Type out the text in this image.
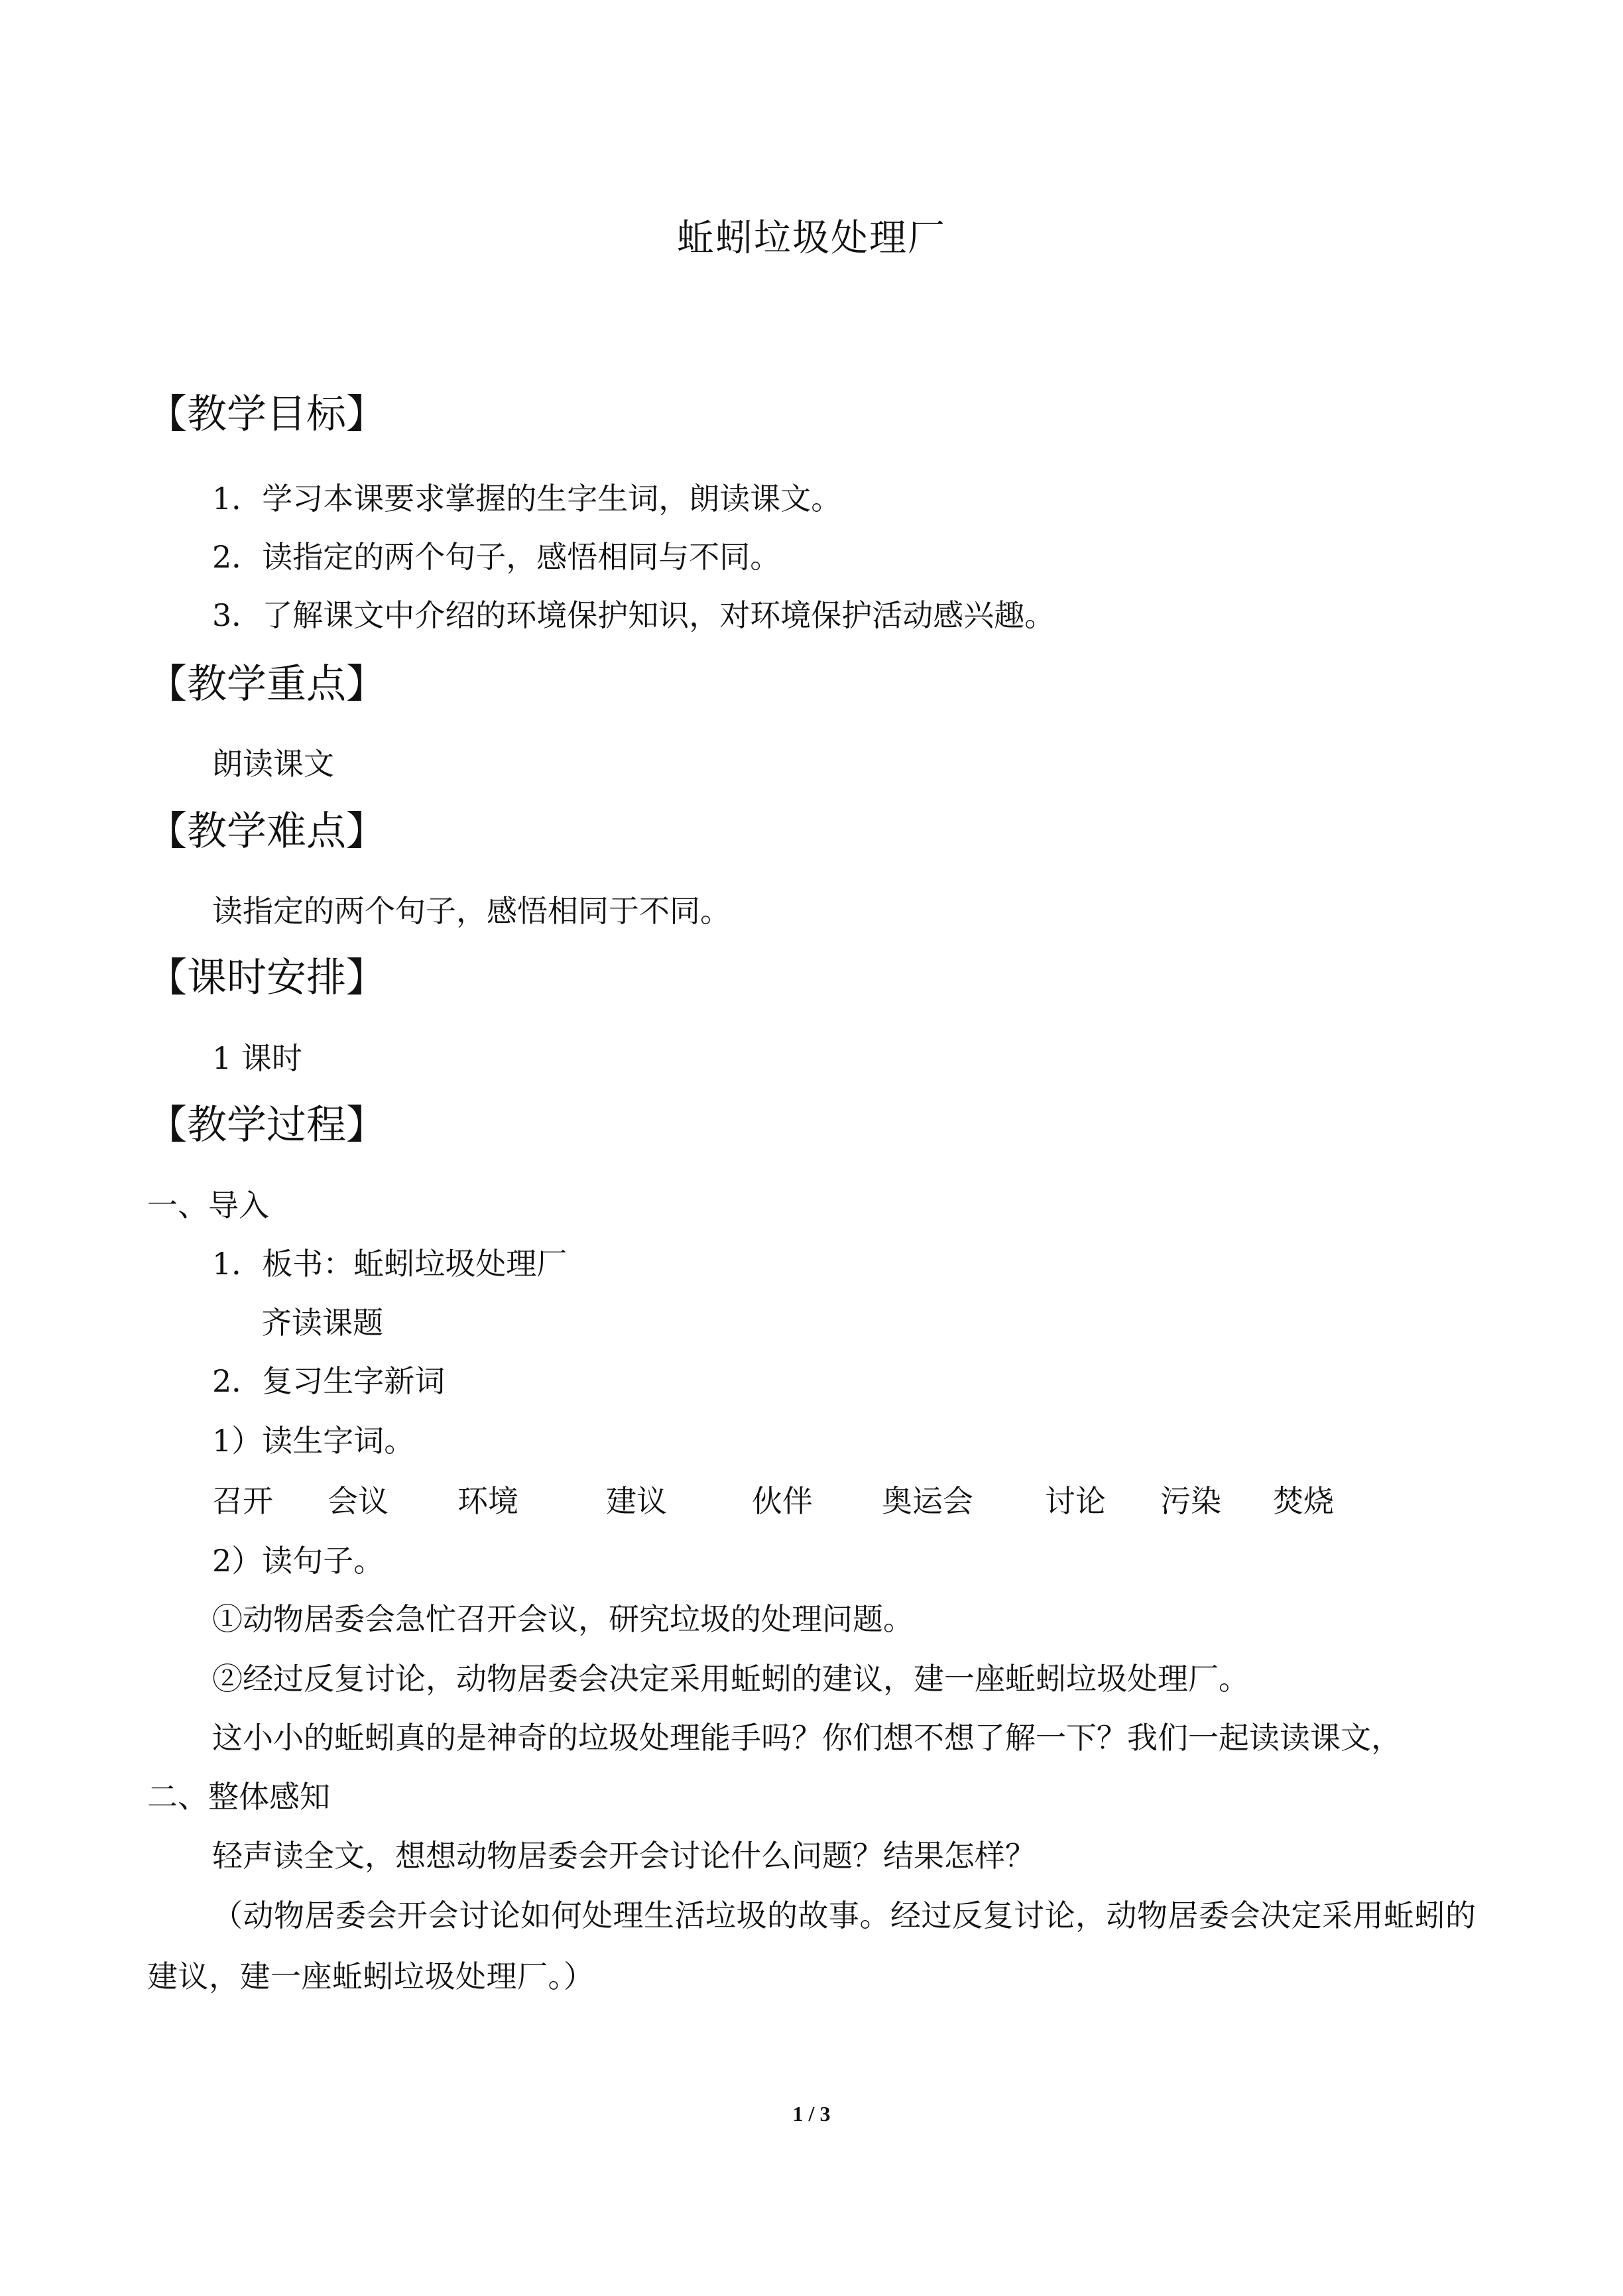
蚯蚓垃圾处理厂
【教学目标】
1．学习本课要求掌握的生字生词，朗读课文。
2．读指定的两个句子，感悟相同与不同。
3．了解课文中介绍的环境保护知识，对环境保护活动感兴趣。
【教学重点】
朗读课文
【教学难点】
读指定的两个句子，感悟相同于不同。
【课时安排】
1 课时
【教学过程】
一、导入
1．板书：蚯蚓垃圾处理厂
齐读课题
2．复习生字新词
1）读生字词。
召开 会议 环境	建议	伙伴 奥运会 讨论 污染 焚烧
2）读句子。
①动物居委会急忙召开会议，研究垃圾的处理问题。
②经过反复讨论，动物居委会决定采用蚯蚓的建议，建一座蚯蚓垃圾处理厂。
这小小的蚯蚓真的是神奇的垃圾处理能手吗？你们想不想了解一下？我们一起读读课文，
二、整体感知
轻声读全文，想想动物居委会开会讨论什么问题？结果怎样？
（动物居委会开会讨论如何处理生活垃圾的故事。经过反复讨论，动物居委会决定采用蚯蚓的建议，建一座蚯蚓垃圾处理厂。）
1 / 3
